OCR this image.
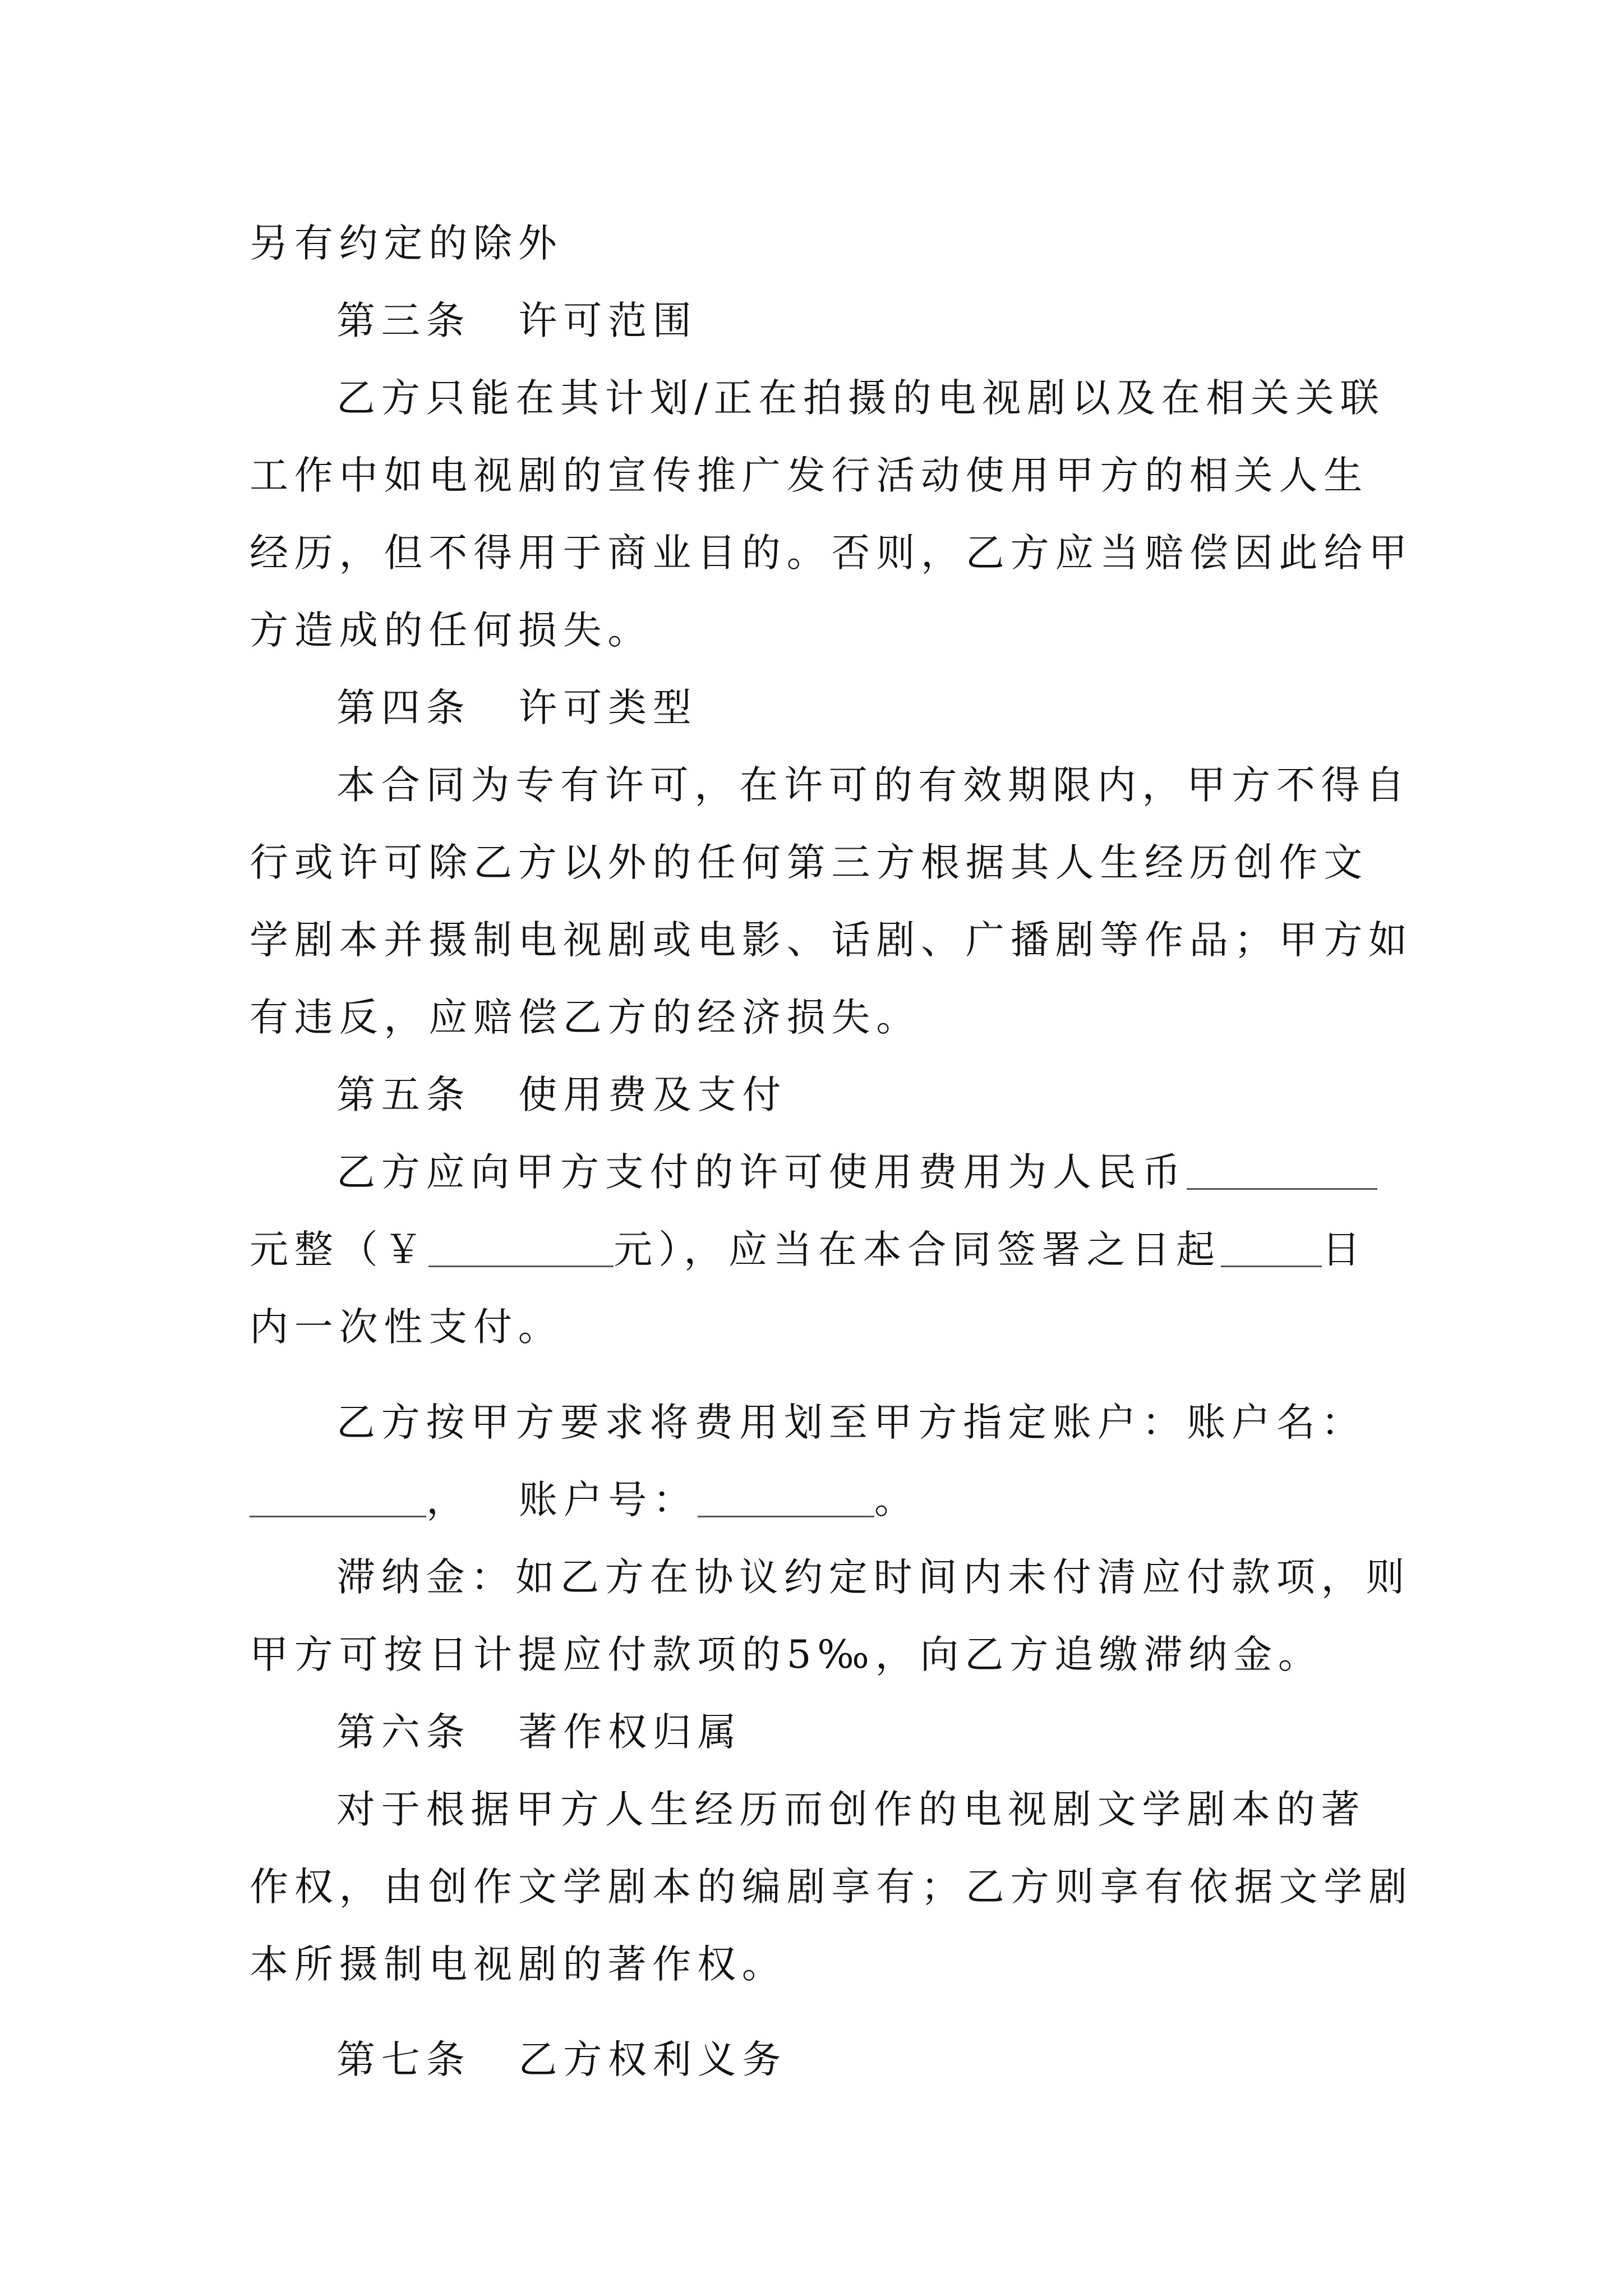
另有约定的除外
第三条 许可范围
乙方只能在其计划/正在拍摄的电视剧以及在相关关联
工作中如电视剧的宣传推广发行活动使用甲方的相关人生
经历，但不得用于商业目的。否则，乙方应当赔偿因此给甲
方造成的任何损失。
第四条 许可类型
本合同为专有许可，在许可的有效期限内，甲方不得自
行或许可除乙方以外的任何第三方根据其人生经历创作文
学剧本并摄制电视剧或电影、话剧、广播剧等作品；甲方如
有违反，应赔偿乙方的经济损失。
第五条 使用费及支付
乙方应向甲方支付的许可使用费用为人民币
元整（￥	元），应当在本合同签署之日起	日
内一次性支付。
乙方按甲方要求将费用划至甲方指定账户：账户名：
， 账户号：	。
滞纳金：如乙方在协议约定时间内未付清应付款项，则
甲方可按日计提应付款项的5‰，向乙方追缴滞纳金。
第六条 著作权归属
对于根据甲方人生经历而创作的电视剧文学剧本的著
作权，由创作文学剧本的编剧享有；乙方则享有依据文学剧
本所摄制电视剧的著作权。
第七条 乙方权利义务
